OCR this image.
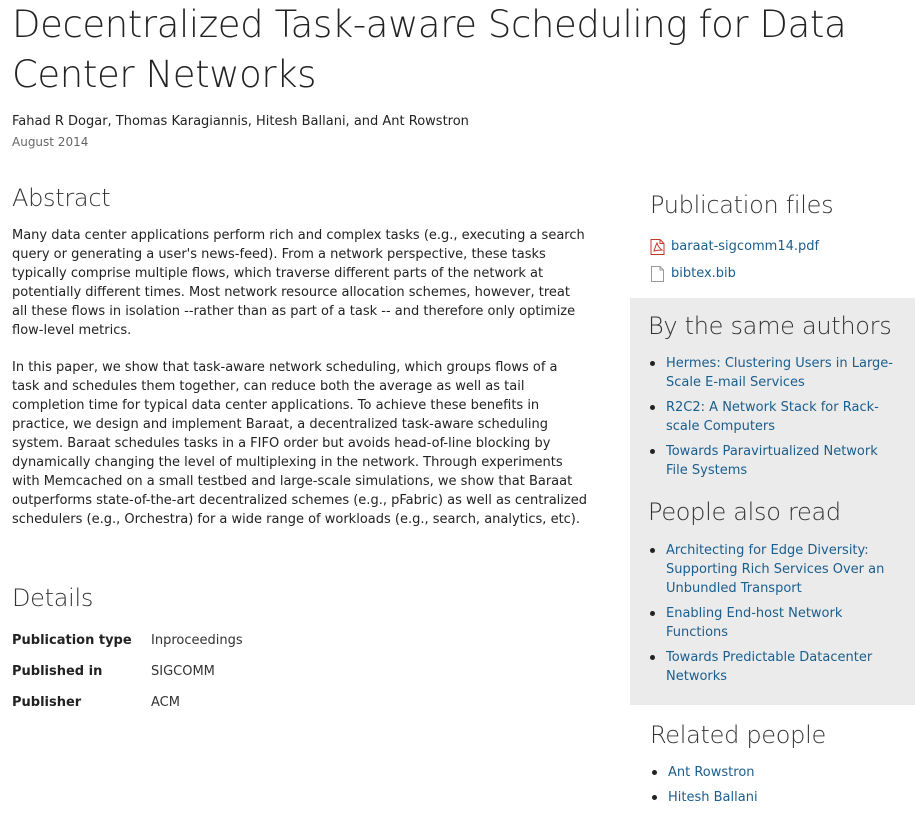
Decentralized Task-aware Scheduling for Data Center Networks
Fahad R Dogar, Thomas Karagiannis, Hitesh Ballani, and Ant Rowstron
August 2014
Abstract

Many data center applications perform rich and complex tasks (e.g., executing a search query or generating a user's news-feed). From a network perspective, these tasks typically comprise multiple flows, which traverse different parts of the network at potentially different times. Most network resource allocation schemes, however, treat all these flows in isolation --rather than as part of a task -- and therefore only optimize flow-level metrics.

In this paper, we show that task-aware network scheduling, which groups flows of a task and schedules them together, can reduce both the average as well as tail completion time for typical data center applications. To achieve these benefits in practice, we design and implement Baraat, a decentralized task-aware scheduling system. Baraat schedules tasks in a FIFO order but avoids head-of-line blocking by dynamically changing the level of multiplexing in the network. Through experiments with Memcached on a small testbed and large-scale simulations, we show that Baraat outperforms state-of-the-art decentralized schemes (e.g., pFabric) as well as centralized schedulers (e.g., Orchestra) for a wide range of workloads (e.g., search, analytics, etc).

Details
Publication type Inproceedings
Published in	SIGCOMM
Publisher	ACM
Publication files
baraat-sigcomm14.pdf
bibtex.bib
By the same authors
Hermes: Clustering Users in Large-Scale E-mail Services
R2C2: A Network Stack for Rack-scale Computers
Towards Paravirtualized Network File Systems
People also read
Architecting for Edge Diversity: Supporting Rich Services Over an Unbundled Transport
Enabling End-host Network Functions
Towards Predictable Datacenter Networks
Related people
Ant Rowstron
Hitesh Ballani
